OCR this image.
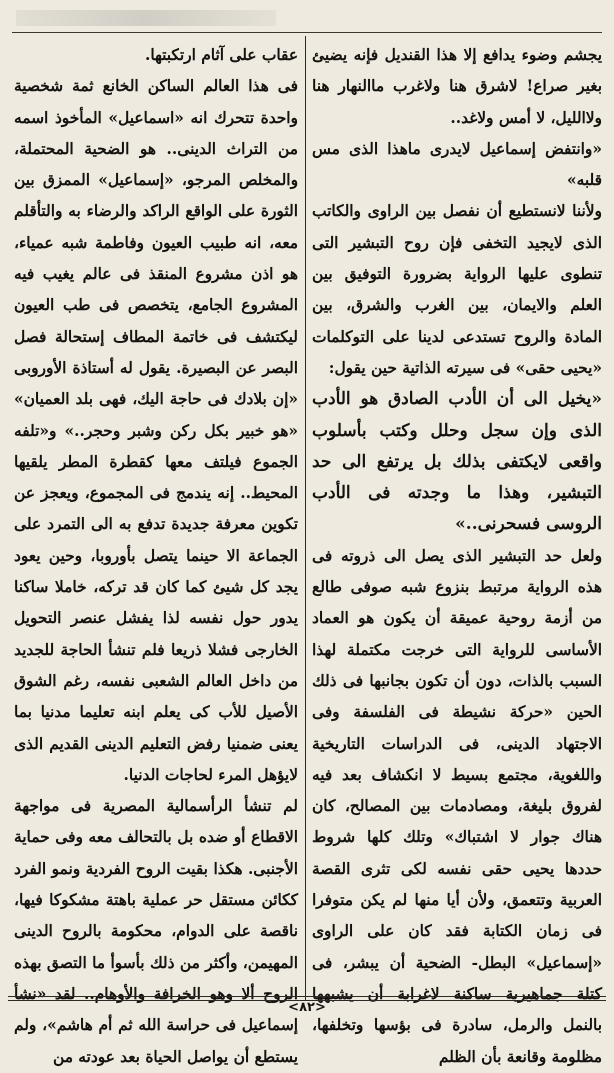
يجشم وضوء يدافع إلا هذا القنديل فإنه يضيئ بغير صراع! لاشرق هنا ولاغرب ماالنهار هنا ولاالليل، لا أمس ولاغد..

«وانتفض إسماعيل لايدرى ماهذا الذى مس قلبه»

ولأننا لانستطيع أن نفصل بين الراوى والكاتب الذى لايجيد التخفى فإن روح التبشير التى تنطوى عليها الرواية بضرورة التوفيق بين العلم والايمان، بين الغرب والشرق، بين المادة والروح تستدعى لدينا على التوكلمات «يحيى حقى» فى سيرته الذاتية حين يقول:

«يخيل الى أن الأدب الصادق هو الأدب الذى وإن سجل وحلل وكتب بأسلوب واقعى لايكتفى بذلك بل يرتفع الى حد التبشير، وهذا ما وجدته فى الأدب الروسى فسحرنى..»

ولعل حد التبشير الذى يصل الى ذروته فى هذه الرواية مرتبط بنزوع شبه صوفى طالع من أزمة روحية عميقة أن يكون هو العماد الأساسى للرواية التى خرجت مكتملة لهذا السبب بالذات، دون أن تكون بجانبها فى ذلك الحين «حركة نشيطة فى الفلسفة وفى الاجتهاد الدينى، فى الدراسات التاريخية واللغوية، مجتمع بسيط لا انكشاف بعد فيه لفروق بليغة، ومصادمات بين المصالح، كان هناك جوار لا اشتباك» وتلك كلها شروط حددها يحيى حقى نفسه لكى تثرى القصة العربية وتتعمق، ولأن أيا منها لم يكن متوفرا فى زمان الكتابة فقد كان على الراوى «إسماعيل» البطل- الضحية أن يبشر، فى كتلة جماهيرية ساكنة لاغرابة أن يشبهها بالنمل والرمل، سادرة فى بؤسها وتخلفها، مظلومة وقانعة بأن الظلم

عقاب على آثام ارتكبتها.

فى هذا العالم الساكن الخانع ثمة شخصية واحدة تتحرك انه «اسماعيل» المأخوذ اسمه من التراث الدينى.. هو الضحية المحتملة، والمخلص المرجو، «إسماعيل» الممزق بين الثورة على الواقع الراكد والرضاء به والتأقلم معه، انه طبيب العيون وفاطمة شبه عمياء، هو اذن مشروع المنقذ فى عالم يغيب فيه المشروع الجامع، يتخصص فى طب العيون ليكتشف فى خاتمة المطاف إستحالة فصل البصر عن البصيرة. يقول له أستاذة الأوروبى «إن بلادك فى حاجة اليك، فهى بلد العميان» «هو خبير بكل ركن وشبر وحجر..» و«تلفه الجموع فيلتف معها كقطرة المطر يلقيها المحيط.. إنه يندمج فى المجموع، ويعجز عن تكوين معرفة جديدة تدفع به الى التمرد على الجماعة الا حينما يتصل بأوروبا، وحين يعود يجد كل شيئ كما كان قد تركه، خاملا ساكنا يدور حول نفسه لذا يفشل عنصر التحويل الخارجى فشلا ذريعا فلم تنشأ الحاجة للجديد من داخل العالم الشعبى نفسه، رغم الشوق الأصيل للأب كى يعلم ابنه تعليما مدنيا بما يعنى ضمنيا رفض التعليم الدينى القديم الذى لايؤهل المرء لحاجات الدنيا.

لم تنشأ الرأسمالية المصرية فى مواجهة الاقطاع أو ضده بل بالتحالف معه وفى حماية الأجنبى. هكذا بقيت الروح الفردية ونمو الفرد ككائن مستقل حر عملية باهتة مشكوكا فيها، ناقصة على الدوام، محكومة بالروح الدينى المهيمن، وأكثر من ذلك بأسوأ ما التصق بهذه الروح ألا وهو الخرافة والأوهام.. لقد «نشأ إسماعيل فى حراسة الله ثم أم هاشم»، ولم يستطع أن يواصل الحياة بعد عودته من

<٨٢>
